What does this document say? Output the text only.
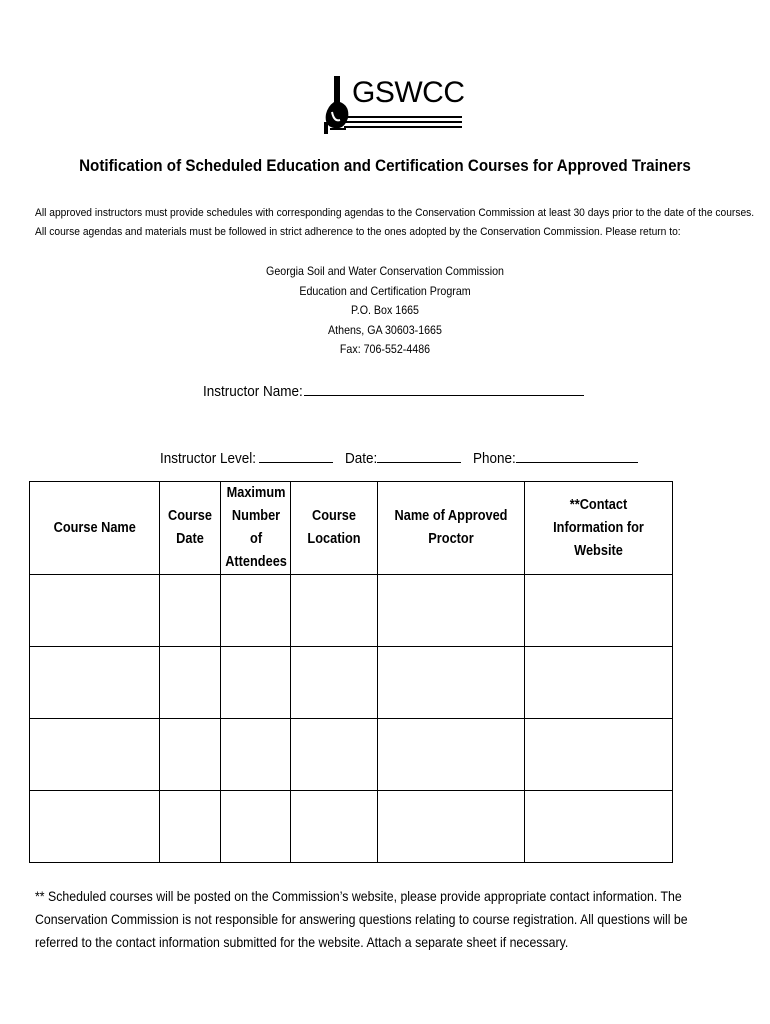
GSWCC
Notification of Scheduled Education and Certification Courses for Approved Trainers
All approved instructors must provide schedules with corresponding agendas to the Conservation Commission at least 30 days prior to the date of the courses. All course agendas and materials must be followed in strict adherence to the ones adopted by the Conservation Commission. Please return to:
Georgia Soil and Water Conservation Commission
Education and Certification Program
P.O. Box 1665
Athens, GA 30603-1665
Fax: 706-552-4486
Instructor Name:
Instructor Level:	Date:	Phone:
Course Name	Course Date	Maximum Number of Attendees	Course Location	Name of Approved Proctor	**Contact Information for Website

** Scheduled courses will be posted on the Commission’s website, please provide appropriate contact information. The Conservation Commission is not responsible for answering questions relating to course registration. All questions will be referred to the contact information submitted for the website. Attach a separate sheet if necessary.
